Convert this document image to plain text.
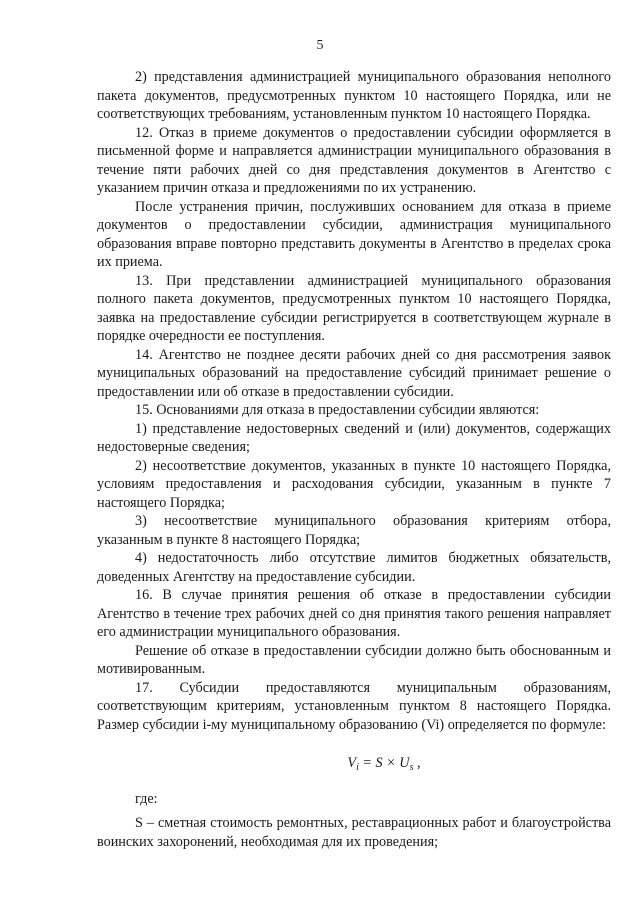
5

2) представления администрацией муниципального образования неполного пакета документов, предусмотренных пунктом 10 настоящего Порядка, или не соответствующих требованиям, установленным пунктом 10 настоящего Порядка.

12. Отказ в приеме документов о предоставлении субсидии оформляется в письменной форме и направляется администрации муниципального образования в течение пяти рабочих дней со дня представления документов в Агентство с указанием причин отказа и предложениями по их устранению.

После устранения причин, послуживших основанием для отказа в приеме документов о предоставлении субсидии, администрация муниципального образования вправе повторно представить документы в Агентство в пределах срока их приема.

13. При представлении администрацией муниципального образования полного пакета документов, предусмотренных пунктом 10 настоящего Порядка, заявка на предоставление субсидии регистрируется в соответствующем журнале в порядке очередности ее поступления.

14. Агентство не позднее десяти рабочих дней со дня рассмотрения заявок муниципальных образований на предоставление субсидий принимает решение о предоставлении или об отказе в предоставлении субсидии.

15. Основаниями для отказа в предоставлении субсидии являются:

1) представление недостоверных сведений и (или) документов, содержащих недостоверные сведения;

2) несоответствие документов, указанных в пункте 10 настоящего Порядка, условиям предоставления и расходования субсидии, указанным в пункте 7 настоящего Порядка;

3) несоответствие муниципального образования критериям отбора, указанным в пункте 8 настоящего Порядка;

4) недостаточность либо отсутствие лимитов бюджетных обязательств, доведенных Агентству на предоставление субсидии.

16. В случае принятия решения об отказе в предоставлении субсидии Агентство в течение трех рабочих дней со дня принятия такого решения направляет его администрации муниципального образования.

Решение об отказе в предоставлении субсидии должно быть обоснованным и мотивированным.

17. Субсидии предоставляются муниципальным образованиям, соответствующим критериям, установленным пунктом 8 настоящего Порядка. Размер субсидии i-му муниципальному образованию (Vi) определяется по формуле:

$V_i = S \times U_s$ ,

где:

S – сметная стоимость ремонтных, реставрационных работ и благоустройства воинских захоронений, необходимая для их проведения;
